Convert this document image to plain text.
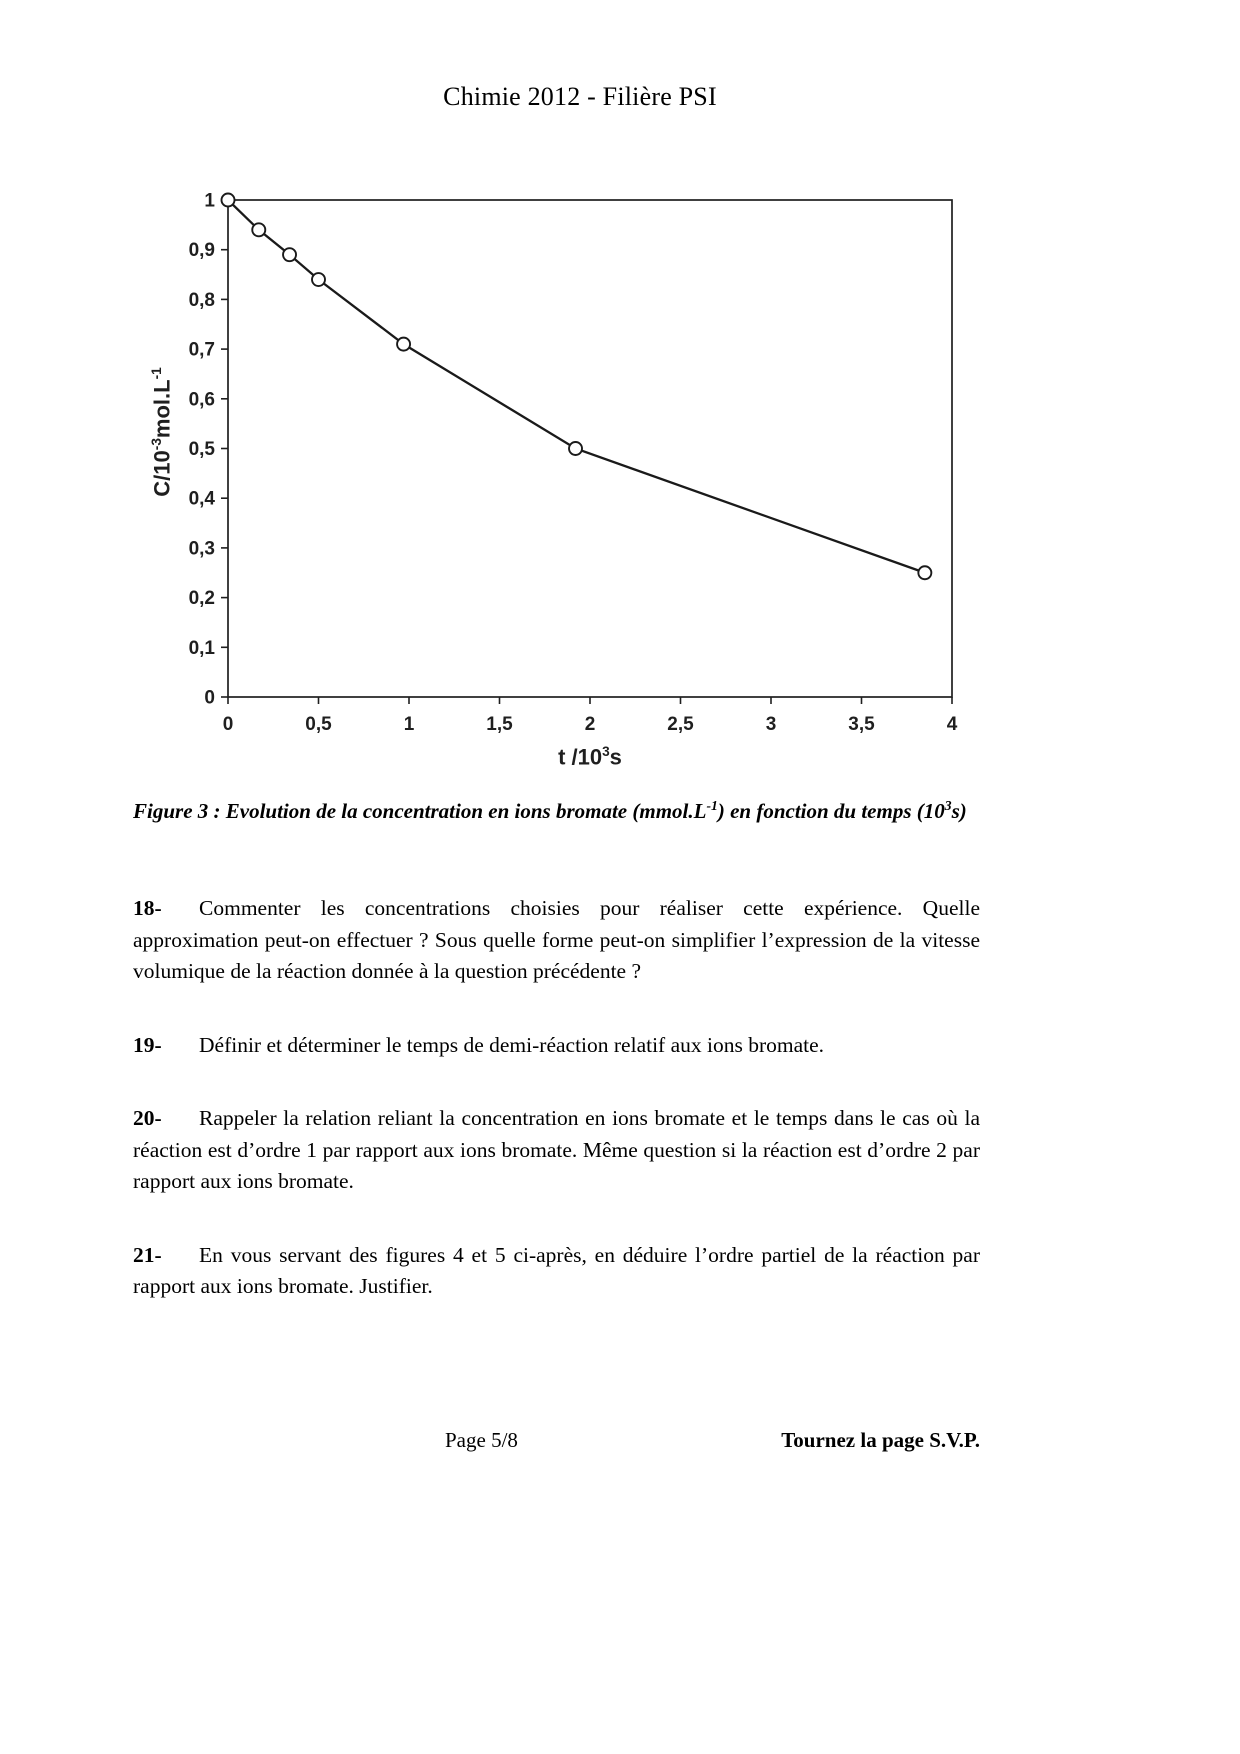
Chimie 2012 - Filière PSI
0
0,1
0,2
0,3
0,4
0,5
0,6
0,7
0,8
0,9
1
0	0,5	1	1,5	2	2,5	3	3,5	4
$C/10^{-3}mol.L^{-1}$
t $/10^3s$

Figure 3 : Evolution de la concentration en ions bromate $(mmol.L^{-1})$ en fonction du temps $(10^3s)$

18- Commenter les concentrations choisies pour réaliser cette expérience. Quelle approximation peut-on effectuer ? Sous quelle forme peut-on simplifier l’expression de la vitesse volumique de la réaction donnée à la question précédente ?

19- Définir et déterminer le temps de demi-réaction relatif aux ions bromate.

20- Rappeler la relation reliant la concentration en ions bromate et le temps dans le cas où la réaction est d’ordre 1 par rapport aux ions bromate. Même question si la réaction est d’ordre 2 par rapport aux ions bromate.

21- En vous servant des figures 4 et 5 ci-après, en déduire l’ordre partiel de la réaction par rapport aux ions bromate. Justifier.

Page 5/8	Tournez la page S.V.P.
